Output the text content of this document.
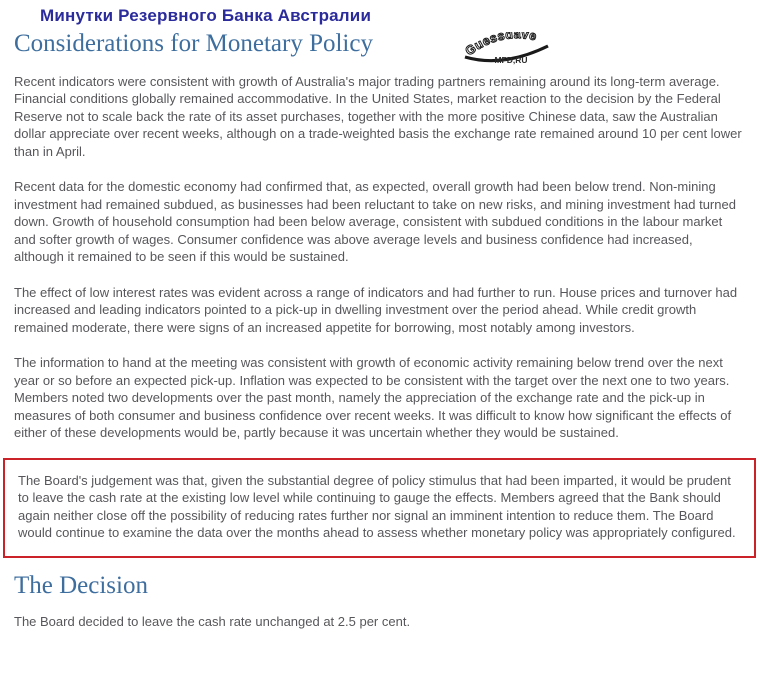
Минутки Резервного Банка Австралии
Considerations for Monetary Policy	Guessdave
MFD,RU

Recent indicators were consistent with growth of Australia's major trading partners remaining around its long-term average. Financial conditions globally remained accommodative. In the United States, market reaction to the decision by the Federal Reserve not to scale back the rate of its asset purchases, together with the more positive Chinese data, saw the Australian dollar appreciate over recent weeks, although on a trade-weighted basis the exchange rate remained around 10 per cent lower than in April.

Recent data for the domestic economy had confirmed that, as expected, overall growth had been below trend. Non-mining investment had remained subdued, as businesses had been reluctant to take on new risks, and mining investment had turned down. Growth of household consumption had been below average, consistent with subdued conditions in the labour market and softer growth of wages. Consumer confidence was above average levels and business confidence had increased, although it remained to be seen if this would be sustained.

The effect of low interest rates was evident across a range of indicators and had further to run. House prices and turnover had increased and leading indicators pointed to a pick-up in dwelling investment over the period ahead. While credit growth remained moderate, there were signs of an increased appetite for borrowing, most notably among investors.

The information to hand at the meeting was consistent with growth of economic activity remaining below trend over the next year or so before an expected pick-up. Inflation was expected to be consistent with the target over the next one to two years. Members noted two developments over the past month, namely the appreciation of the exchange rate and the pick-up in measures of both consumer and business confidence over recent weeks. It was difficult to know how significant the effects of either of these developments would be, partly because it was uncertain whether they would be sustained.

The Board's judgement was that, given the substantial degree of policy stimulus that had been imparted, it would be prudent to leave the cash rate at the existing low level while continuing to gauge the effects. Members agreed that the Bank should again neither close off the possibility of reducing rates further nor signal an imminent intention to reduce them. The Board would continue to examine the data over the months ahead to assess whether monetary policy was appropriately configured.

The Decision

The Board decided to leave the cash rate unchanged at 2.5 per cent.
